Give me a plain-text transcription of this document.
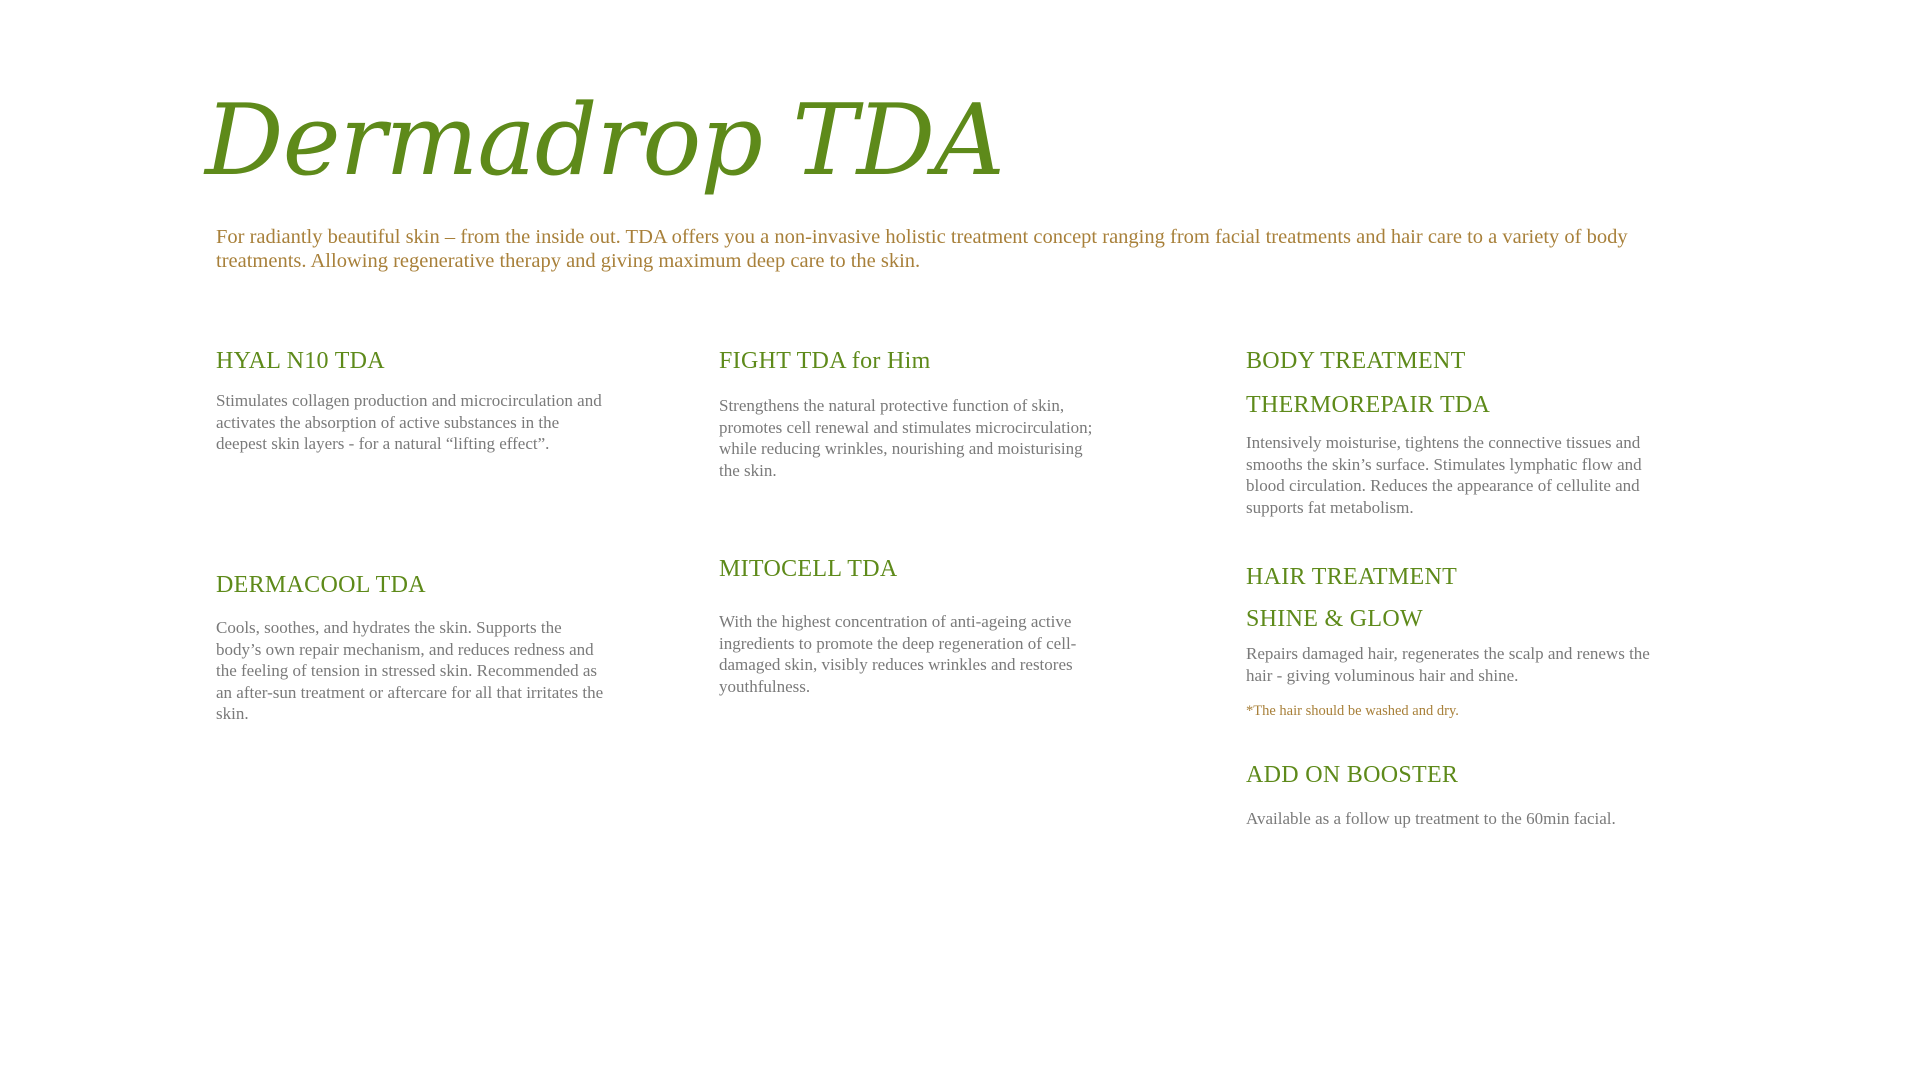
Dermadrop TDA
For radiantly beautiful skin – from the inside out. TDA offers you a non-invasive holistic treatment concept ranging from facial treatments and hair care to a variety of body treatments. Allowing regenerative therapy and giving maximum deep care to the skin.
HYAL N10 TDA
Stimulates collagen production and microcirculation and activates the absorption of active substances in the deepest skin layers - for a natural “lifting effect”.
DERMACOOL TDA
Cools, soothes, and hydrates the skin. Supports the body’s own repair mechanism, and reduces redness and the feeling of tension in stressed skin. Recommended as an after-sun treatment or aftercare for all that irritates the skin.
FIGHT TDA for Him
Strengthens the natural protective function of skin, promotes cell renewal and stimulates microcirculation; while reducing wrinkles, nourishing and moisturising the skin.
MITOCELL TDA
With the highest concentration of anti-ageing active ingredients to promote the deep regeneration of cell-damaged skin, visibly reduces wrinkles and restores youthfulness.
BODY TREATMENT
THERMOREPAIR TDA
Intensively moisturise, tightens the connective tissues and smooths the skin’s surface. Stimulates lymphatic flow and blood circulation. Reduces the appearance of cellulite and supports fat metabolism.
HAIR TREATMENT
SHINE & GLOW
Repairs damaged hair, regenerates the scalp and renews the hair - giving voluminous hair and shine.
*The hair should be washed and dry.
ADD ON BOOSTER
Available as a follow up treatment to the 60min facial.
